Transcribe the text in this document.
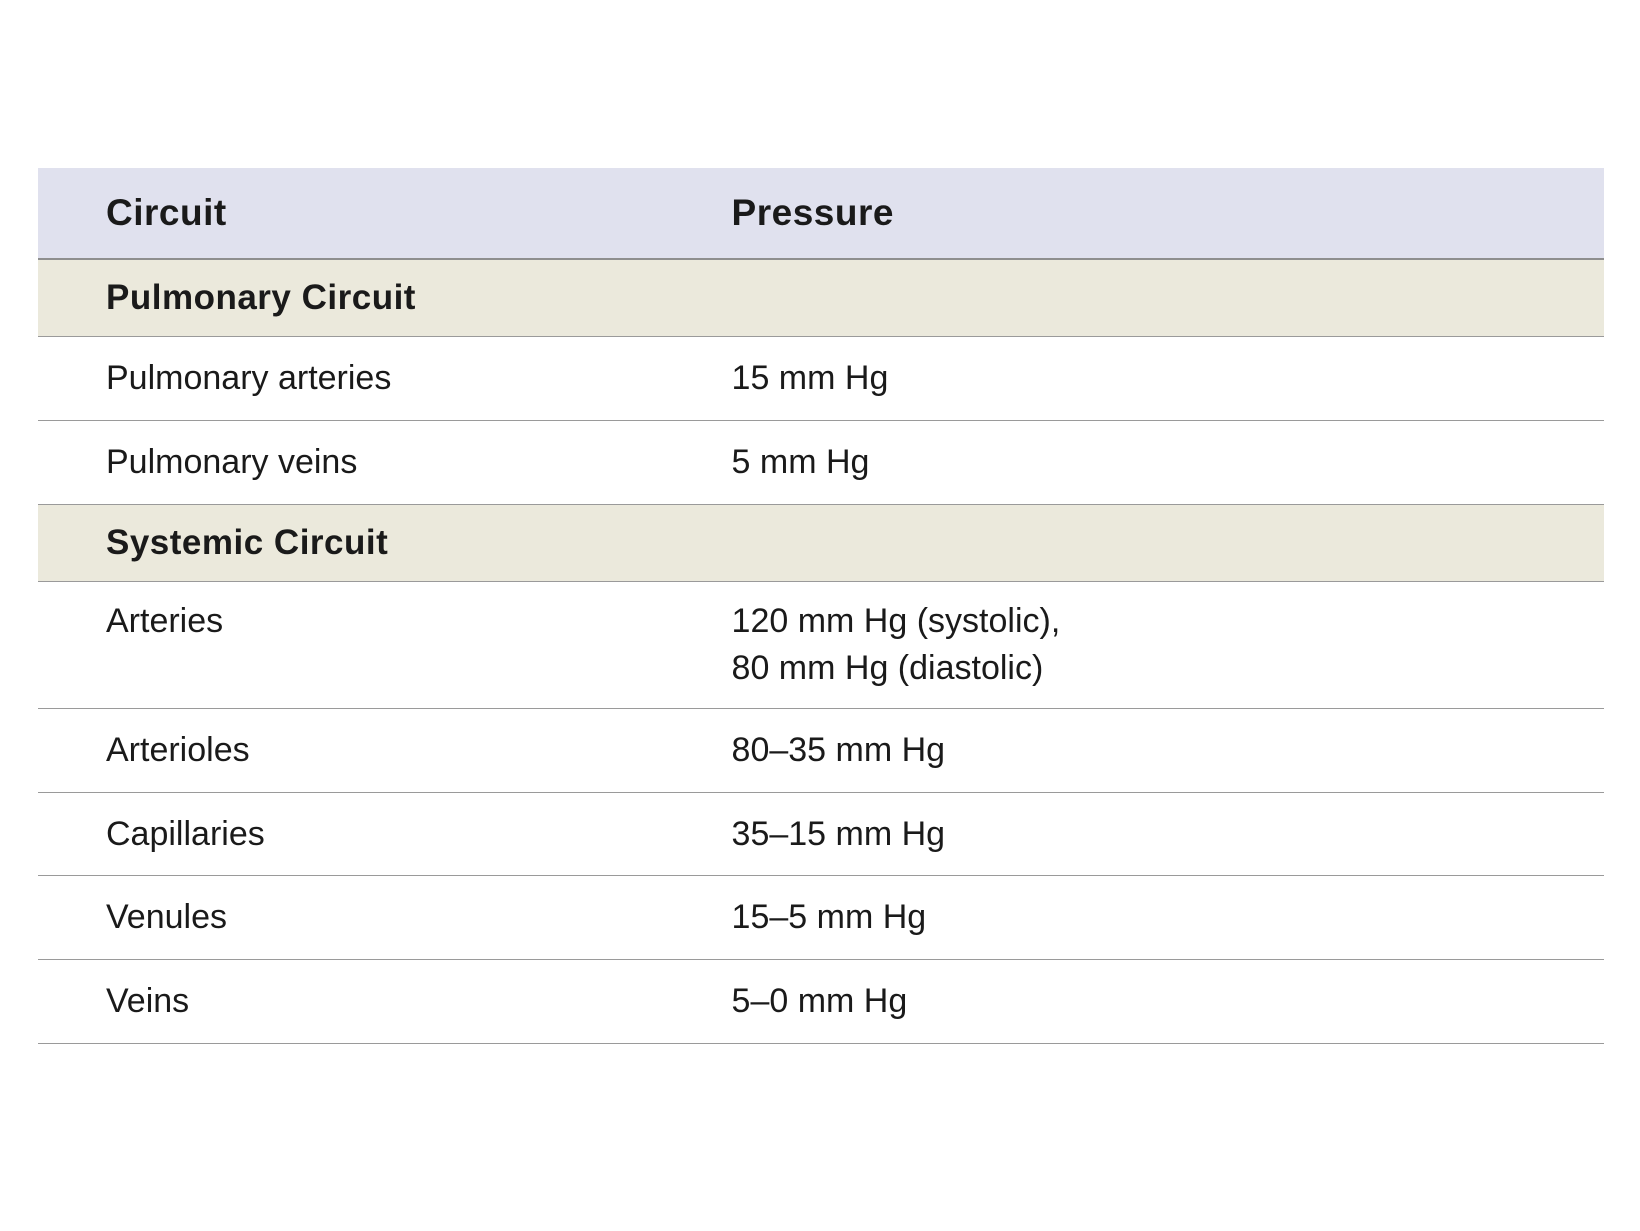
Circuit	Pressure
Pulmonary Circuit	
Pulmonary arteries	15 mm Hg

Pulmonary veins	5 mm Hg

Systemic Circuit	
Arteries	120 mm Hg (systolic),
80 mm Hg (diastolic)

Arterioles	80–35 mm Hg

Capillaries	35–15 mm Hg

Venules	15–5 mm Hg

Veins	5–0 mm Hg
